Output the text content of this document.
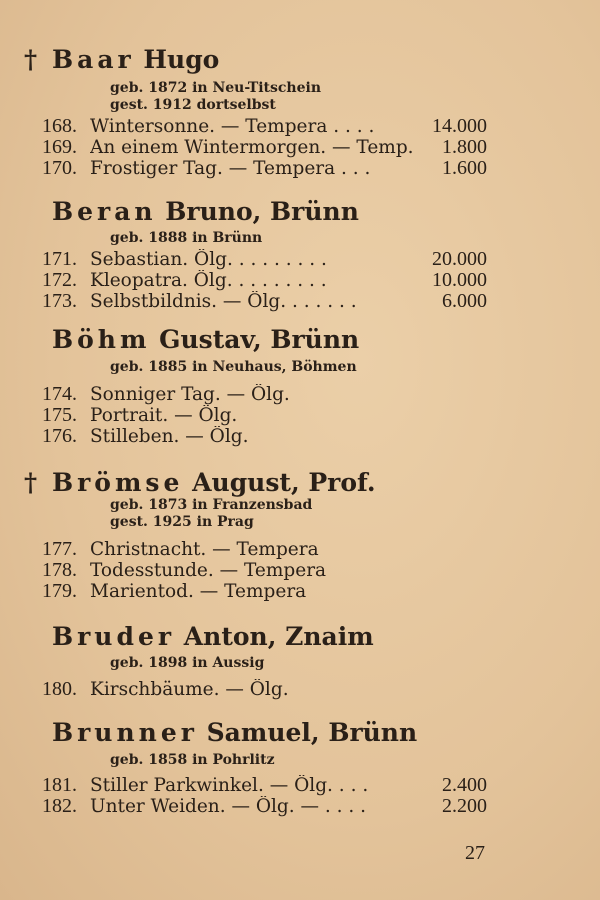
† Baar Hugo
geb. 1872 in Neu-Titschein
gest. 1912 dortselbst
168. Wintersonne. — Tempera . . . .	14.000
169. An einem Wintermorgen. — Temp.	1.800
170. Frostiger Tag. — Tempera . . .	1.600
Beran Bruno, Brünn
geb. 1888 in Brünn
171. Sebastian. Ölg. . . . . . . . .	20.000
172. Kleopatra. Ölg. . . . . . . . .	10.000
173. Selbstbildnis. — Ölg. . . . . . .	6.000
Böhm Gustav, Brünn
geb. 1885 in Neuhaus, Böhmen
174. Sonniger Tag. — Ölg.
175. Portrait. — Ölg.
176. Stilleben. — Ölg.
† Brömse August, Prof.
geb. 1873 in Franzensbad
gest. 1925 in Prag
177. Christnacht. — Tempera
178. Todesstunde. — Tempera
179. Marientod. — Tempera
Bruder Anton, Znaim
geb. 1898 in Aussig
180. Kirschbäume. — Ölg.
Brunner Samuel, Brünn
geb. 1858 in Pohrlitz
181. Stiller Parkwinkel. — Ölg. . . .	2.400
182. Unter Weiden. — Ölg. — . . . .	2.200
27
